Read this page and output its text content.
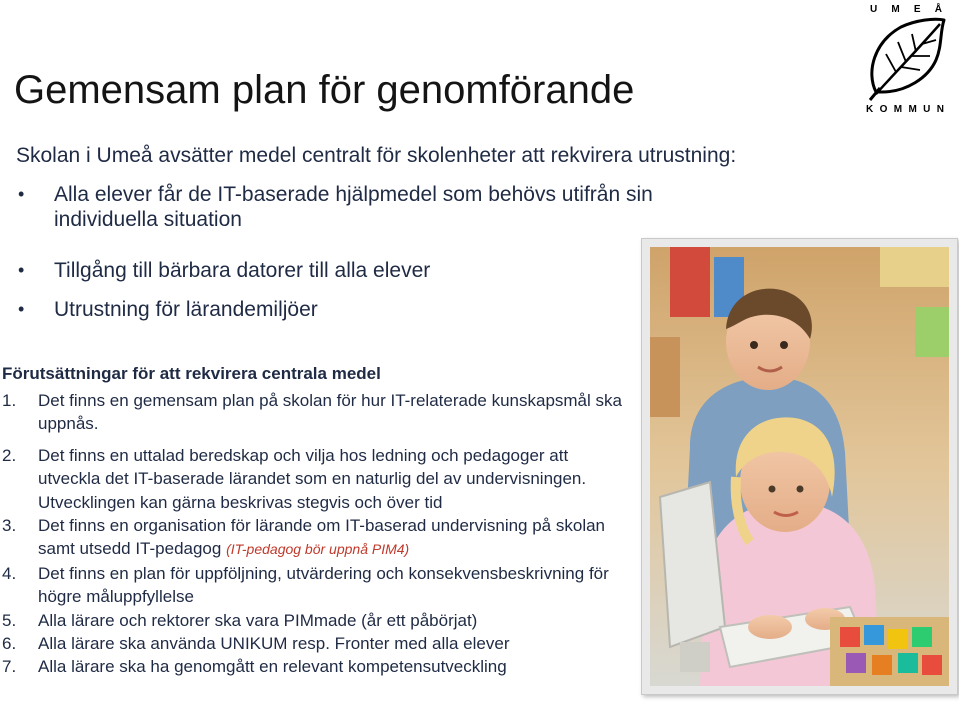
Gemensam plan för genomförande

Skolan i Umeå avsätter medel centralt för skolenheter att rekvirera utrustning:

• Alla elever får de IT-baserade hjälpmedel som behövs utifrån sin individuella situation
• Tillgång till bärbara datorer till alla elever
• Utrustning för lärandemiljöer
Förutsättningar för att rekvirera centrala medel
1. Det finns en gemensam plan på skolan för hur IT-relaterade kunskapsmål ska uppnås.
2. Det finns en uttalad beredskap och vilja hos ledning och pedagoger att utveckla det IT-baserade lärandet som en naturlig del av undervisningen. Utvecklingen kan gärna beskrivas stegvis och över tid
3. Det finns en organisation för lärande om IT-baserad undervisning på skolan samt utsedd IT-pedagog (IT-pedagog bör uppnå PIM4)
4. Det finns en plan för uppföljning, utvärdering och konsekvensbeskrivning för högre måluppfyllelse
5. Alla lärare och rektorer ska vara PIMmade (år ett påbörjat)
6. Alla lärare ska använda UNIKUM resp. Fronter med alla elever
7. Alla lärare ska ha genomgått en relevant kompetensutveckling
U M E Å
K O M M U N
